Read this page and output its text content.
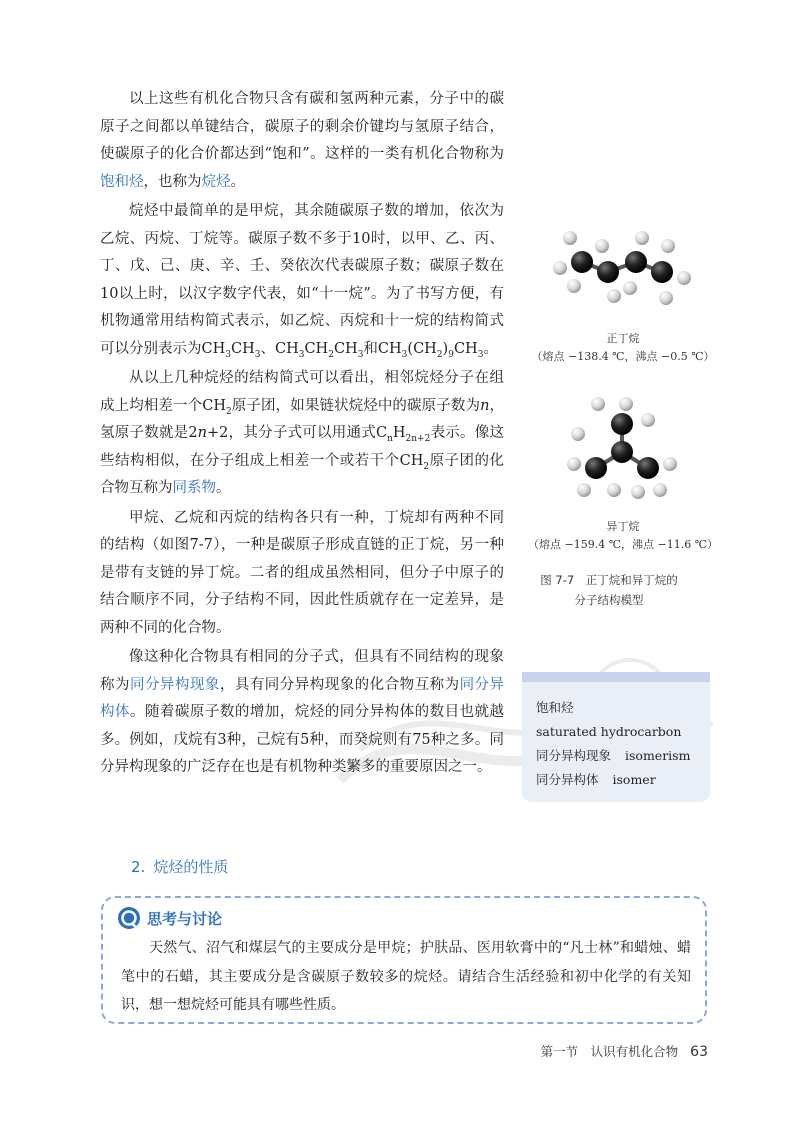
以上这些有机化合物只含有碳和氢两种元素，分子中的碳原子之间都以单键结合，碳原子的剩余价键均与氢原子结合，使碳原子的化合价都达到“饱和”。这样的一类有机化合物称为饱和烃，也称为烷烃。

烷烃中最简单的是甲烷，其余随碳原子数的增加，依次为乙烷、丙烷、丁烷等。碳原子数不多于10时，以甲、乙、丙、丁、戊、己、庚、辛、壬、癸依次代表碳原子数；碳原子数在10以上时，以汉字数字代表，如“十一烷”。为了书写方便，有机物通常用结构简式表示，如乙烷、丙烷和十一烷的结构简式可以分别表示为$CH_3CH_3$、$CH_3CH_2CH_3$和$CH_3(CH_2)_9CH_3$。

从以上几种烷烃的结构简式可以看出，相邻烷烃分子在组成上均相差一个$CH_2$原子团，如果链状烷烃中的碳原子数为n，氢原子数就是2n+2，其分子式可以用通式$C_nH_{2n+2}$表示。像这些结构相似，在分子组成上相差一个或若干个$CH_2$原子团的化合物互称为同系物。

甲烷、乙烷和丙烷的结构各只有一种，丁烷却有两种不同的结构（如图7-7），一种是碳原子形成直链的正丁烷，另一种是带有支链的异丁烷。二者的组成虽然相同，但分子中原子的结合顺序不同，分子结构不同，因此性质就存在一定差异，是两种不同的化合物。

像这种化合物具有相同的分子式，但具有不同结构的现象称为同分异构现象，具有同分异构现象的化合物互称为同分异构体。随着碳原子数的增加，烷烃的同分异构体的数目也就越多。例如，戊烷有3种，己烷有5种，而癸烷则有75种之多。同分异构现象的广泛存在也是有机物种类繁多的重要原因之一。

正丁烷
（熔点 −138.4 ℃，沸点 −0.5 ℃）
异丁烷
（熔点 −159.4 ℃，沸点 −11.6 ℃）
图 7-7　正丁烷和异丁烷的
分子结构模型
饱和烃
saturated hydrocarbon
同分异构现象 isomerism
同分异构体 isomer
2. 烷烃的性质
思考与讨论
天然气、沼气和煤层气的主要成分是甲烷；护肤品、医用软膏中的“凡士林”和蜡烛、蜡笔中的石蜡，其主要成分是含碳原子数较多的烷烃。请结合生活经验和初中化学的有关知识，想一想烷烃可能具有哪些性质。
第一节　认识有机化合物 63
